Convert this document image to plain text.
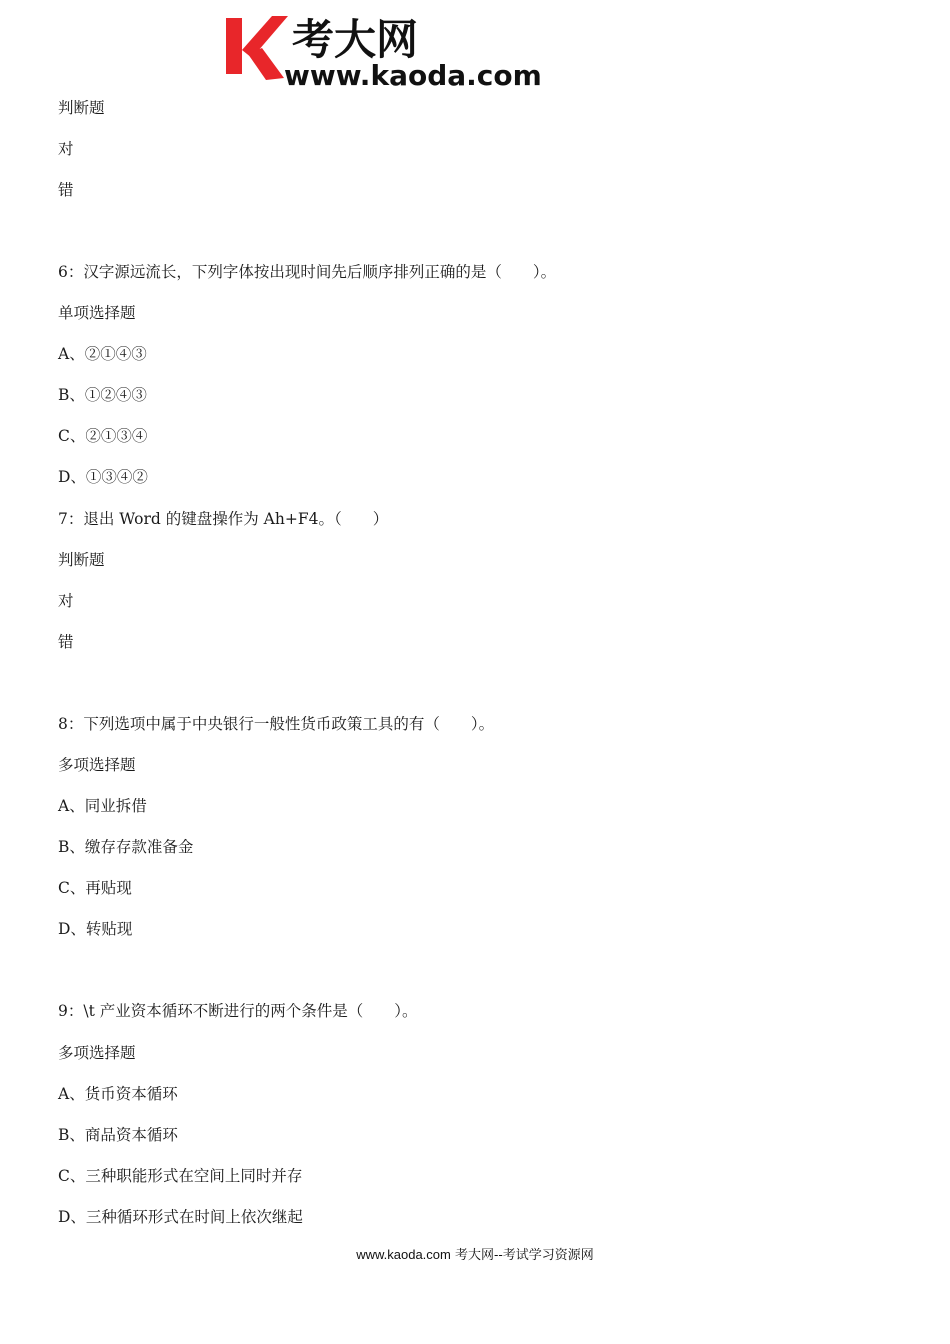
考大网
www.kaoda.com
判断题
对
错
6：汉字源远流长，下列字体按出现时间先后顺序排列正确的是（　　）。
单项选择题
A、②①④③
B、①②④③
C、②①③④
D、①③④②
7：退出 Word 的键盘操作为 Ah+F4。（　　）
判断题
对
错
8：下列选项中属于中央银行一般性货币政策工具的有（　　）。
多项选择题
A、同业拆借
B、缴存存款准备金
C、再贴现
D、转贴现
9：\t 产业资本循环不断进行的两个条件是（　　）。
多项选择题
A、货币资本循环
B、商品资本循环
C、三种职能形式在空间上同时并存
D、三种循环形式在时间上依次继起
www.kaoda.com 考大网--考试学习资源网
